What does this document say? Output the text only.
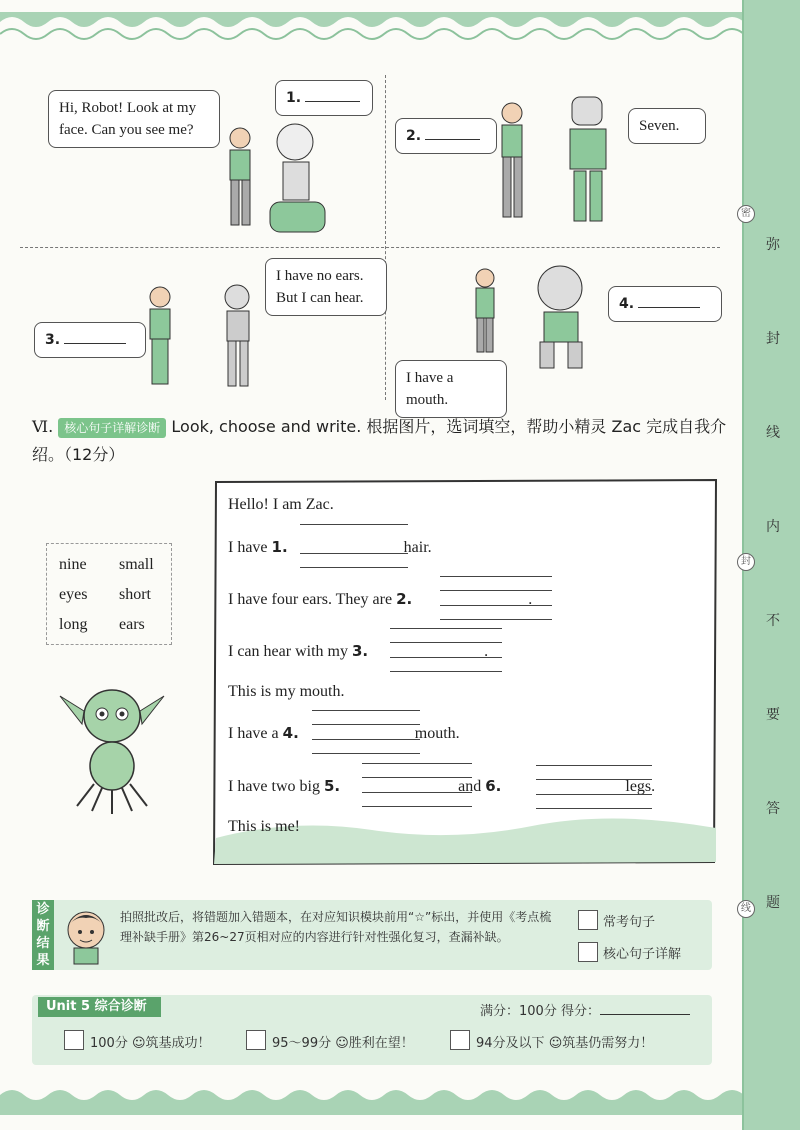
Hi, Robot! Look at my face. Can you see me?
1.
2.
Seven.
I have no ears. But I can hear.
3.
4.
I have a mouth.
Ⅵ. 核心句子详解诊断 Look, choose and write. 根据图片，选词填空，帮助小精灵 Zac 完成自我介绍。（12分）
nine small
eyes short
long ears
Hello! I am Zac.
I have 1.	hair.
I have four ears. They are 2.	.
I can hear with my 3.	.
This is my mouth.
I have a 4.	mouth.
I have two big 5.	and 6.	legs.
This is me!
诊断结果
拍照批改后，将错题加入错题本，在对应知识模块前用“☆”标出，并使用《考点梳理补缺手册》第26~27页相对应的内容进行针对性强化复习，查漏补缺。
常考句子
核心句子详解
Unit 5 综合诊断	满分：100分 得分：
100分 ☺筑基成功！	95～99分 ☺胜利在望！	94分及以下 ☺筑基仍需努力！
弥
封
线
内
不
要
答
题
密
封
线
